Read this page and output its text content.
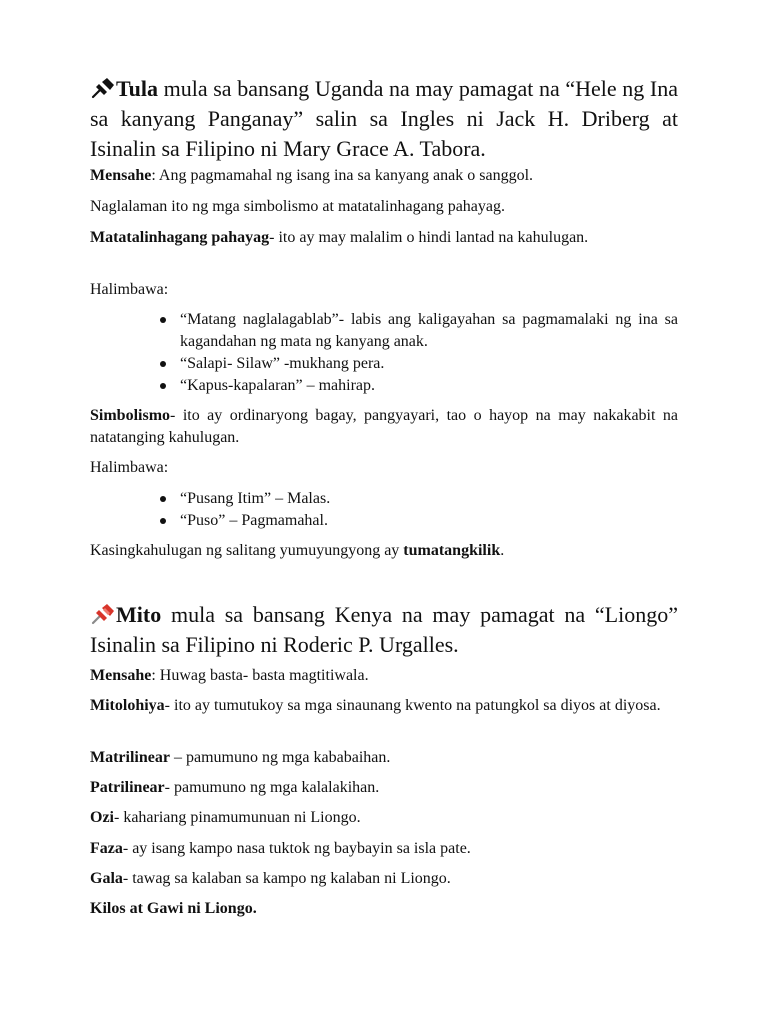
Tula mula sa bansang Uganda na may pamagat na “Hele ng Ina sa kanyang Panganay” salin sa Ingles ni Jack H. Driberg at Isinalin sa Filipino ni Mary Grace A. Tabora.
Mensahe: Ang pagmamahal ng isang ina sa kanyang anak o sanggol.
Naglalaman ito ng mga simbolismo at matatalinhagang pahayag.
Matatalinhagang pahayag- ito ay may malalim o hindi lantad na kahulugan.
Halimbawa:
“Matang naglalagablab”- labis ang kaligayahan sa pagmamalaki ng ina sa kagandahan ng mata ng kanyang anak.
“Salapi- Silaw” -mukhang pera.
“Kapus-kapalaran” – mahirap.
Simbolismo- ito ay ordinaryong bagay, pangyayari, tao o hayop na may nakakabit na natatanging kahulugan.
Halimbawa:
“Pusang Itim” – Malas.
“Puso” – Pagmamahal.
Kasingkahulugan ng salitang yumuyungyong ay tumatangkilik.
Mito mula sa bansang Kenya na may pamagat na “Liongo” Isinalin sa Filipino ni Roderic P. Urgalles.
Mensahe: Huwag basta- basta magtitiwala.
Mitolohiya- ito ay tumutukoy sa mga sinaunang kwento na patungkol sa diyos at diyosa.
Matrilinear – pamumuno ng mga kababaihan.
Patrilinear- pamumuno ng mga kalalakihan.
Ozi- kahariang pinamumunuan ni Liongo.
Faza- ay isang kampo nasa tuktok ng baybayin sa isla pate.
Gala- tawag sa kalaban sa kampo ng kalaban ni Liongo.
Kilos at Gawi ni Liongo.
